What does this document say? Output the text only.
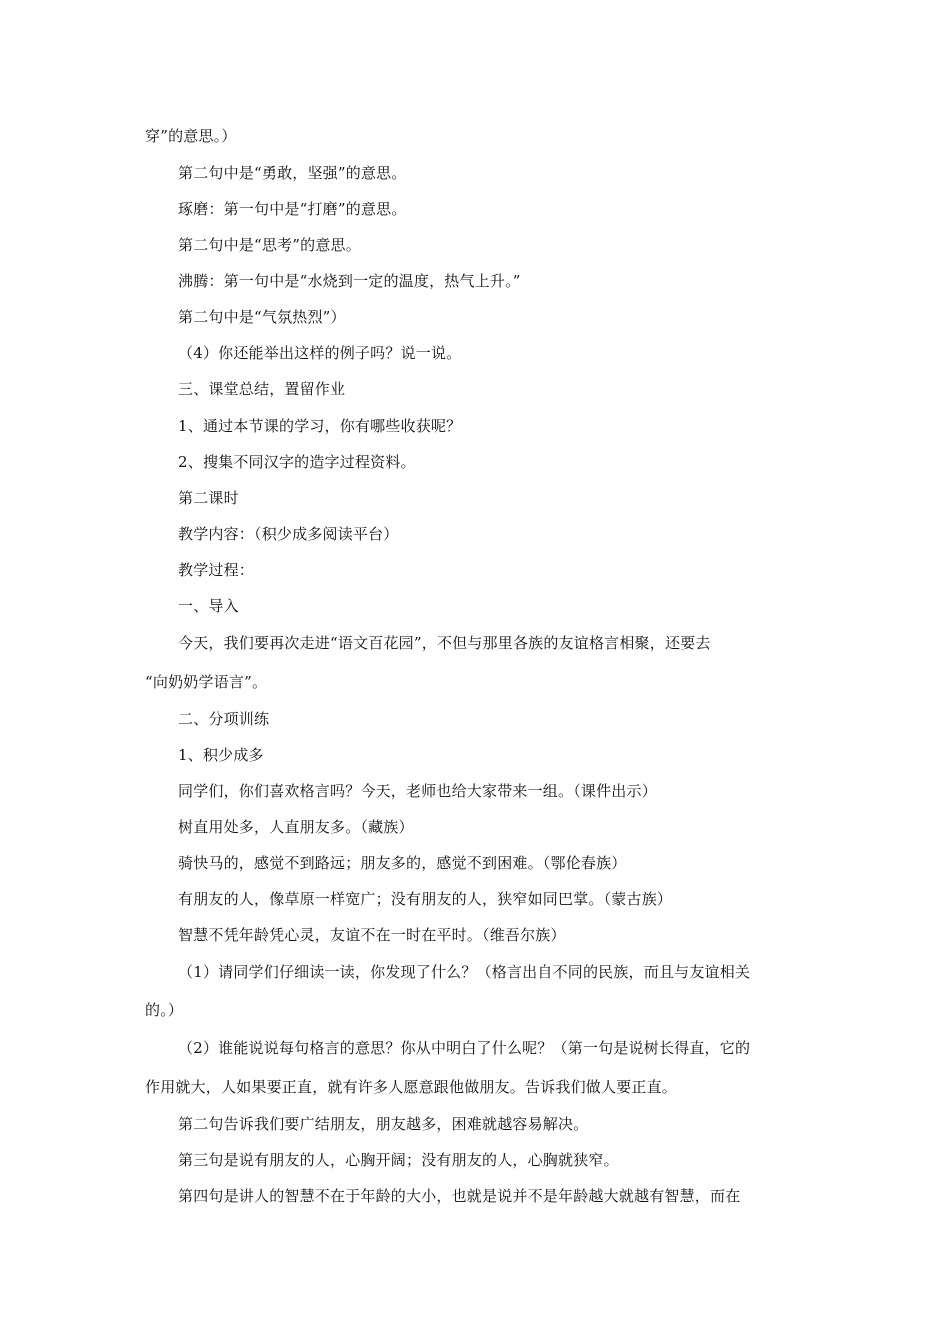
穿”的意思。）
第二句中是“勇敢，坚强”的意思。
琢磨：第一句中是“打磨”的意思。
第二句中是“思考”的意思。
沸腾：第一句中是“水烧到一定的温度，热气上升。”
第二句中是“气氛热烈”）
（4）你还能举出这样的例子吗？说一说。
三、课堂总结，置留作业
1、通过本节课的学习，你有哪些收获呢？
2、搜集不同汉字的造字过程资料。
第二课时
教学内容：（积少成多阅读平台）
教学过程：
一、导入
今天，我们要再次走进“语文百花园”，不但与那里各族的友谊格言相聚，还要去
“向奶奶学语言”。
二、分项训练
1、积少成多
同学们，你们喜欢格言吗？今天，老师也给大家带来一组。（课件出示）
树直用处多，人直朋友多。（藏族）
骑快马的，感觉不到路远；朋友多的，感觉不到困难。（鄂伦春族）
有朋友的人，像草原一样宽广；没有朋友的人，狭窄如同巴掌。（蒙古族）
智慧不凭年龄凭心灵，友谊不在一时在平时。（维吾尔族）
（1）请同学们仔细读一读，你发现了什么？（格言出自不同的民族，而且与友谊相关
的。）
（2）谁能说说每句格言的意思？你从中明白了什么呢？（第一句是说树长得直，它的
作用就大，人如果要正直，就有许多人愿意跟他做朋友。告诉我们做人要正直。
第二句告诉我们要广结朋友，朋友越多，困难就越容易解决。
第三句是说有朋友的人，心胸开阔；没有朋友的人，心胸就狭窄。
第四句是讲人的智慧不在于年龄的大小，也就是说并不是年龄越大就越有智慧，而在
